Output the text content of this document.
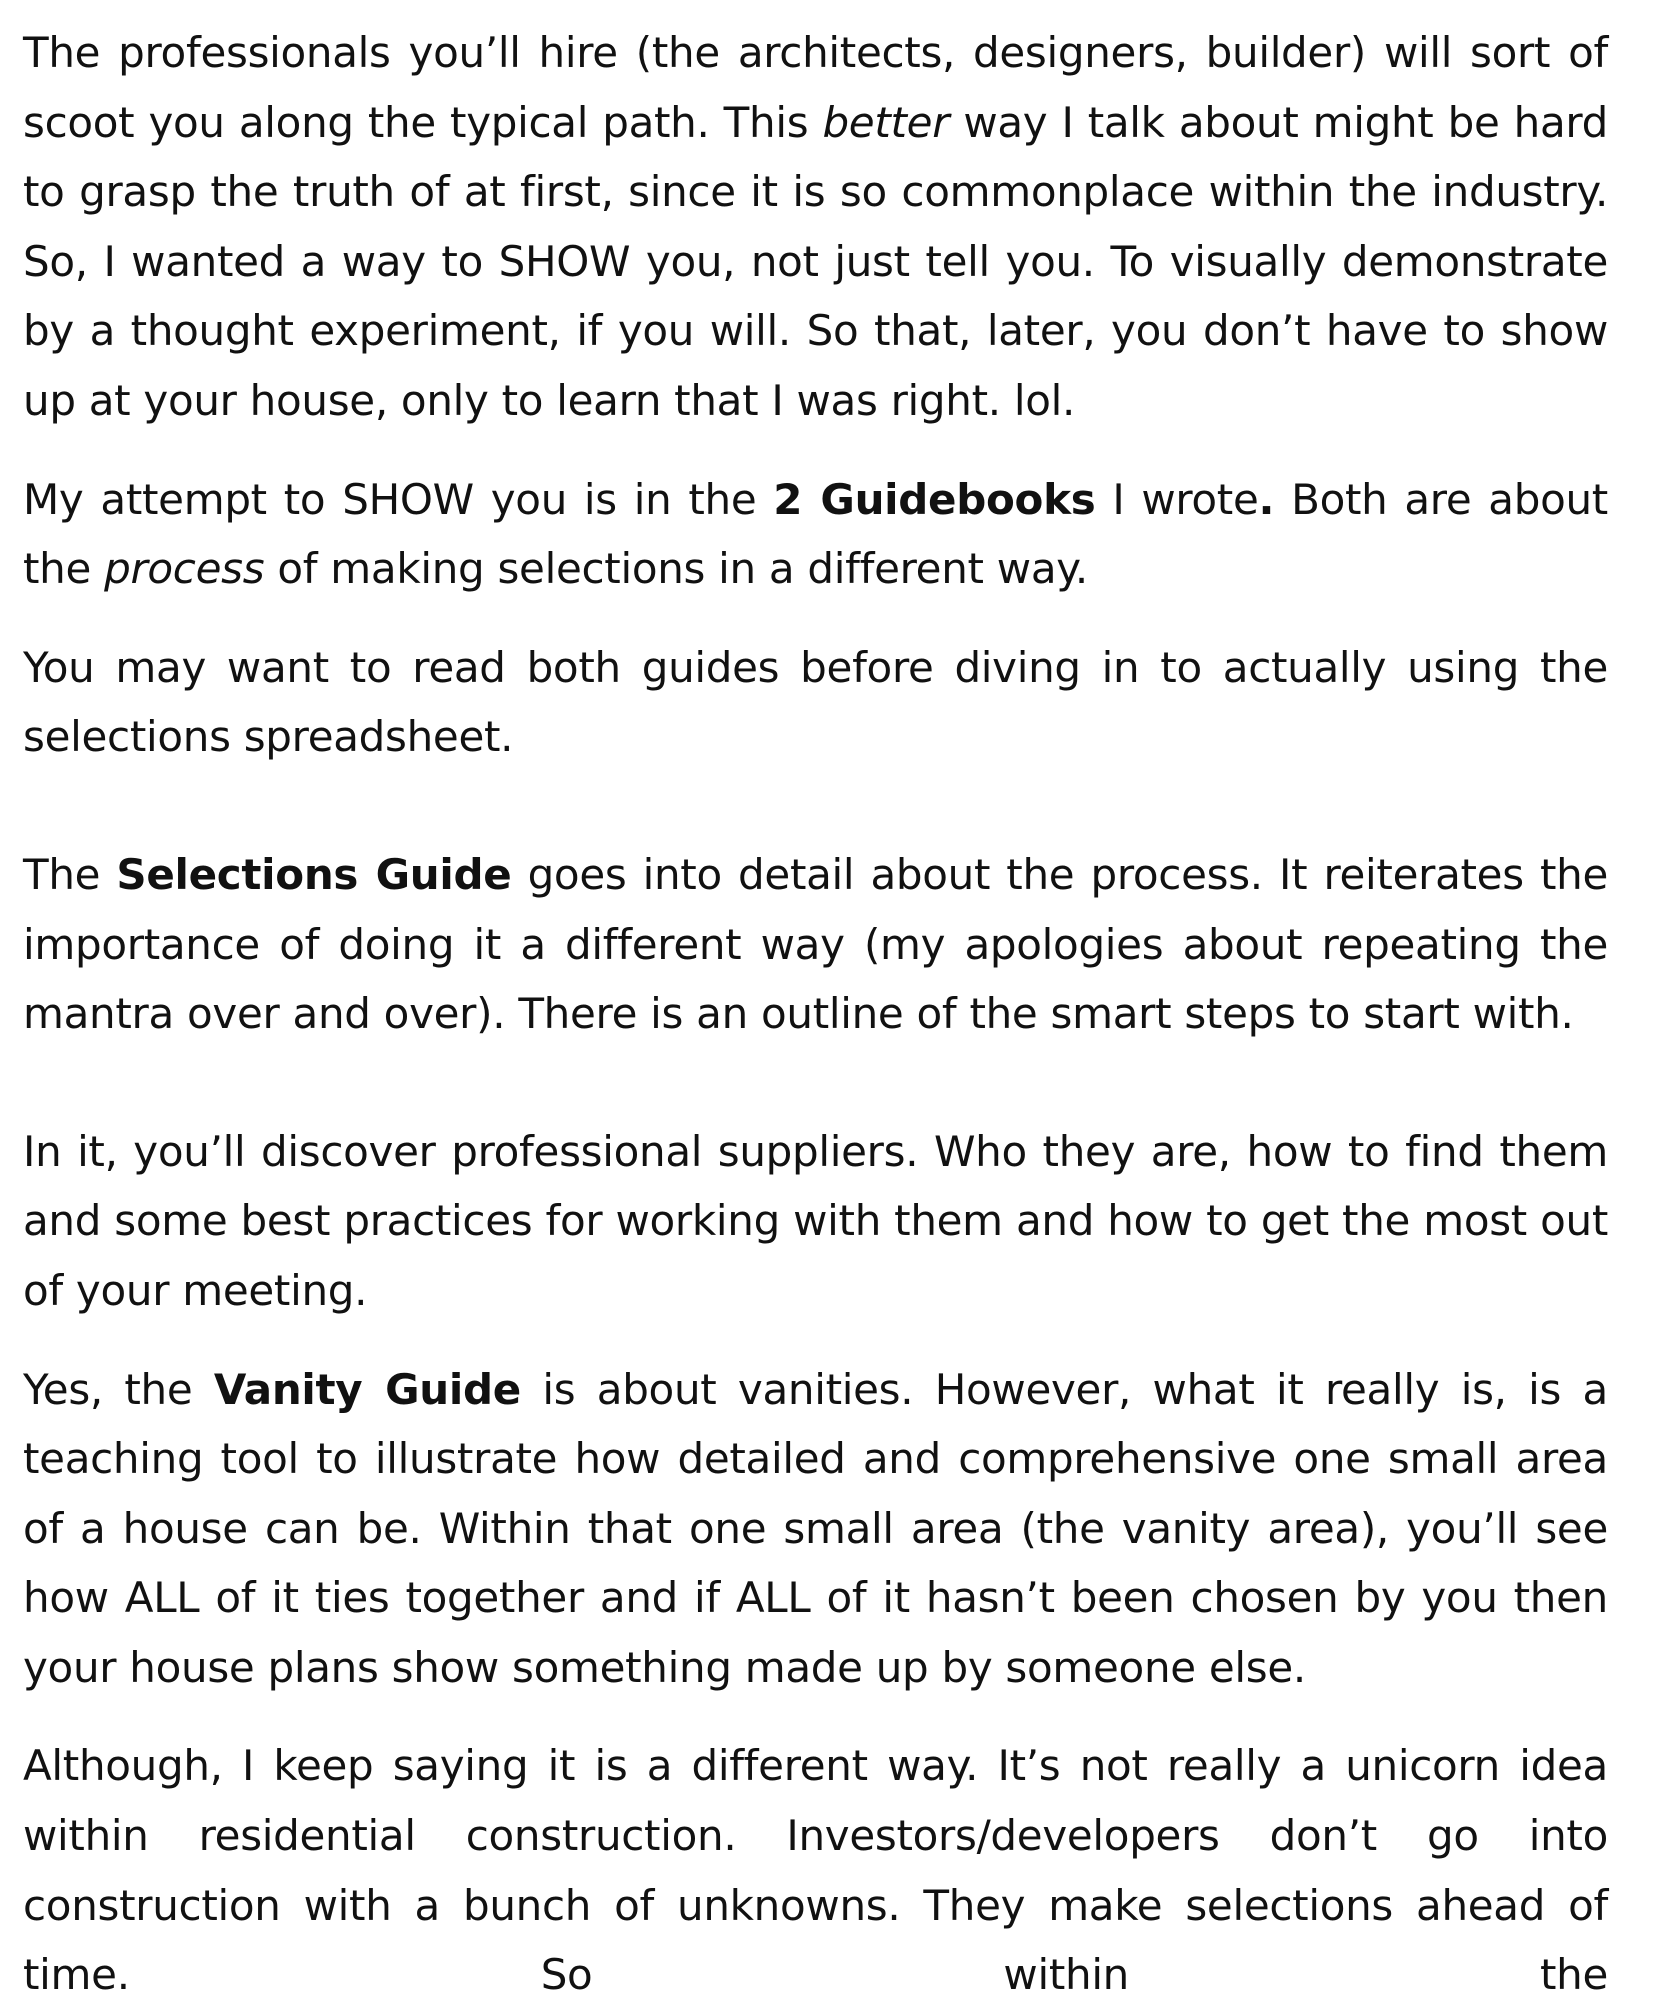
The professionals you’ll hire (the architects, designers, builder) will sort of scoot you along the typical path. This better way I talk about might be hard to grasp the truth of at first, since it is so commonplace within the industry. So, I wanted a way to SHOW you, not just tell you. To visually demonstrate by a thought experiment, if you will. So that, later, you don’t have to show up at your house, only to learn that I was right. lol.

My attempt to SHOW you is in the 2 Guidebooks I wrote. Both are about the process of making selections in a different way.

You may want to read both guides before diving in to actually using the selections spreadsheet.

The Selections Guide goes into detail about the process. It reiterates the importance of doing it a different way (my apologies about repeating the mantra over and over). There is an outline of the smart steps to start with.

In it, you’ll discover professional suppliers. Who they are, how to find them and some best practices for working with them and how to get the most out of your meeting.

Yes, the Vanity Guide is about vanities. However, what it really is, is a teaching tool to illustrate how detailed and comprehensive one small area of a house can be. Within that one small area (the vanity area), you’ll see how ALL of it ties together and if ALL of it hasn’t been chosen by you then your house plans show something made up by someone else.

Although, I keep saying it is a different way. It’s not really a unicorn idea within residential construction. Investors/developers don’t go into construction with a bunch of unknowns. They make selections ahead of time. So within the
